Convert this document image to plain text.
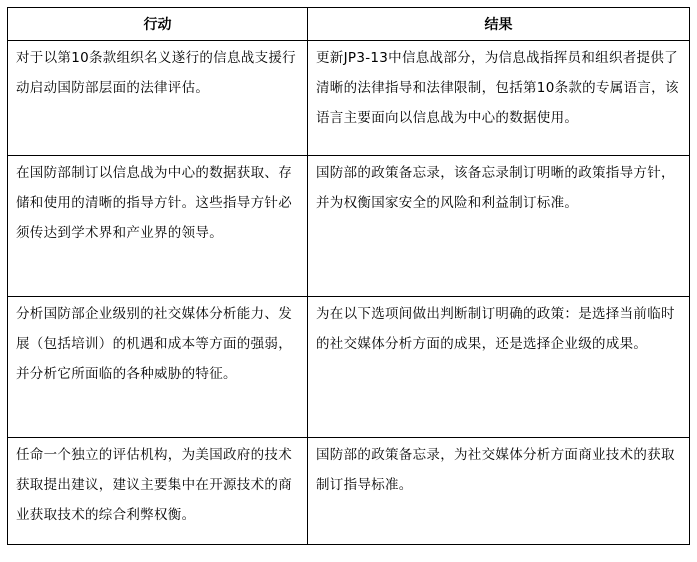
行动	结果
对于以第10条款组织名义遂行的信息战支援行动启动国防部层面的法律评估。	更新JP3-13中信息战部分，为信息战指挥员和组织者提供了清晰的法律指导和法律限制，包括第10条款的专属语言，该语言主要面向以信息战为中心的数据使用。
在国防部制订以信息战为中心的数据获取、存储和使用的清晰的指导方针。这些指导方针必须传达到学术界和产业界的领导。	国防部的政策备忘录，该备忘录制订明晰的政策指导方针，并为权衡国家安全的风险和利益制订标准。
分析国防部企业级别的社交媒体分析能力、发展（包括培训）的机遇和成本等方面的强弱，并分析它所面临的各种威胁的特征。	为在以下选项间做出判断制订明确的政策：是选择当前临时的社交媒体分析方面的成果，还是选择企业级的成果。
任命一个独立的评估机构，为美国政府的技术获取提出建议，建议主要集中在开源技术的商业获取技术的综合利弊权衡。	国防部的政策备忘录，为社交媒体分析方面商业技术的获取制订指导标准。
